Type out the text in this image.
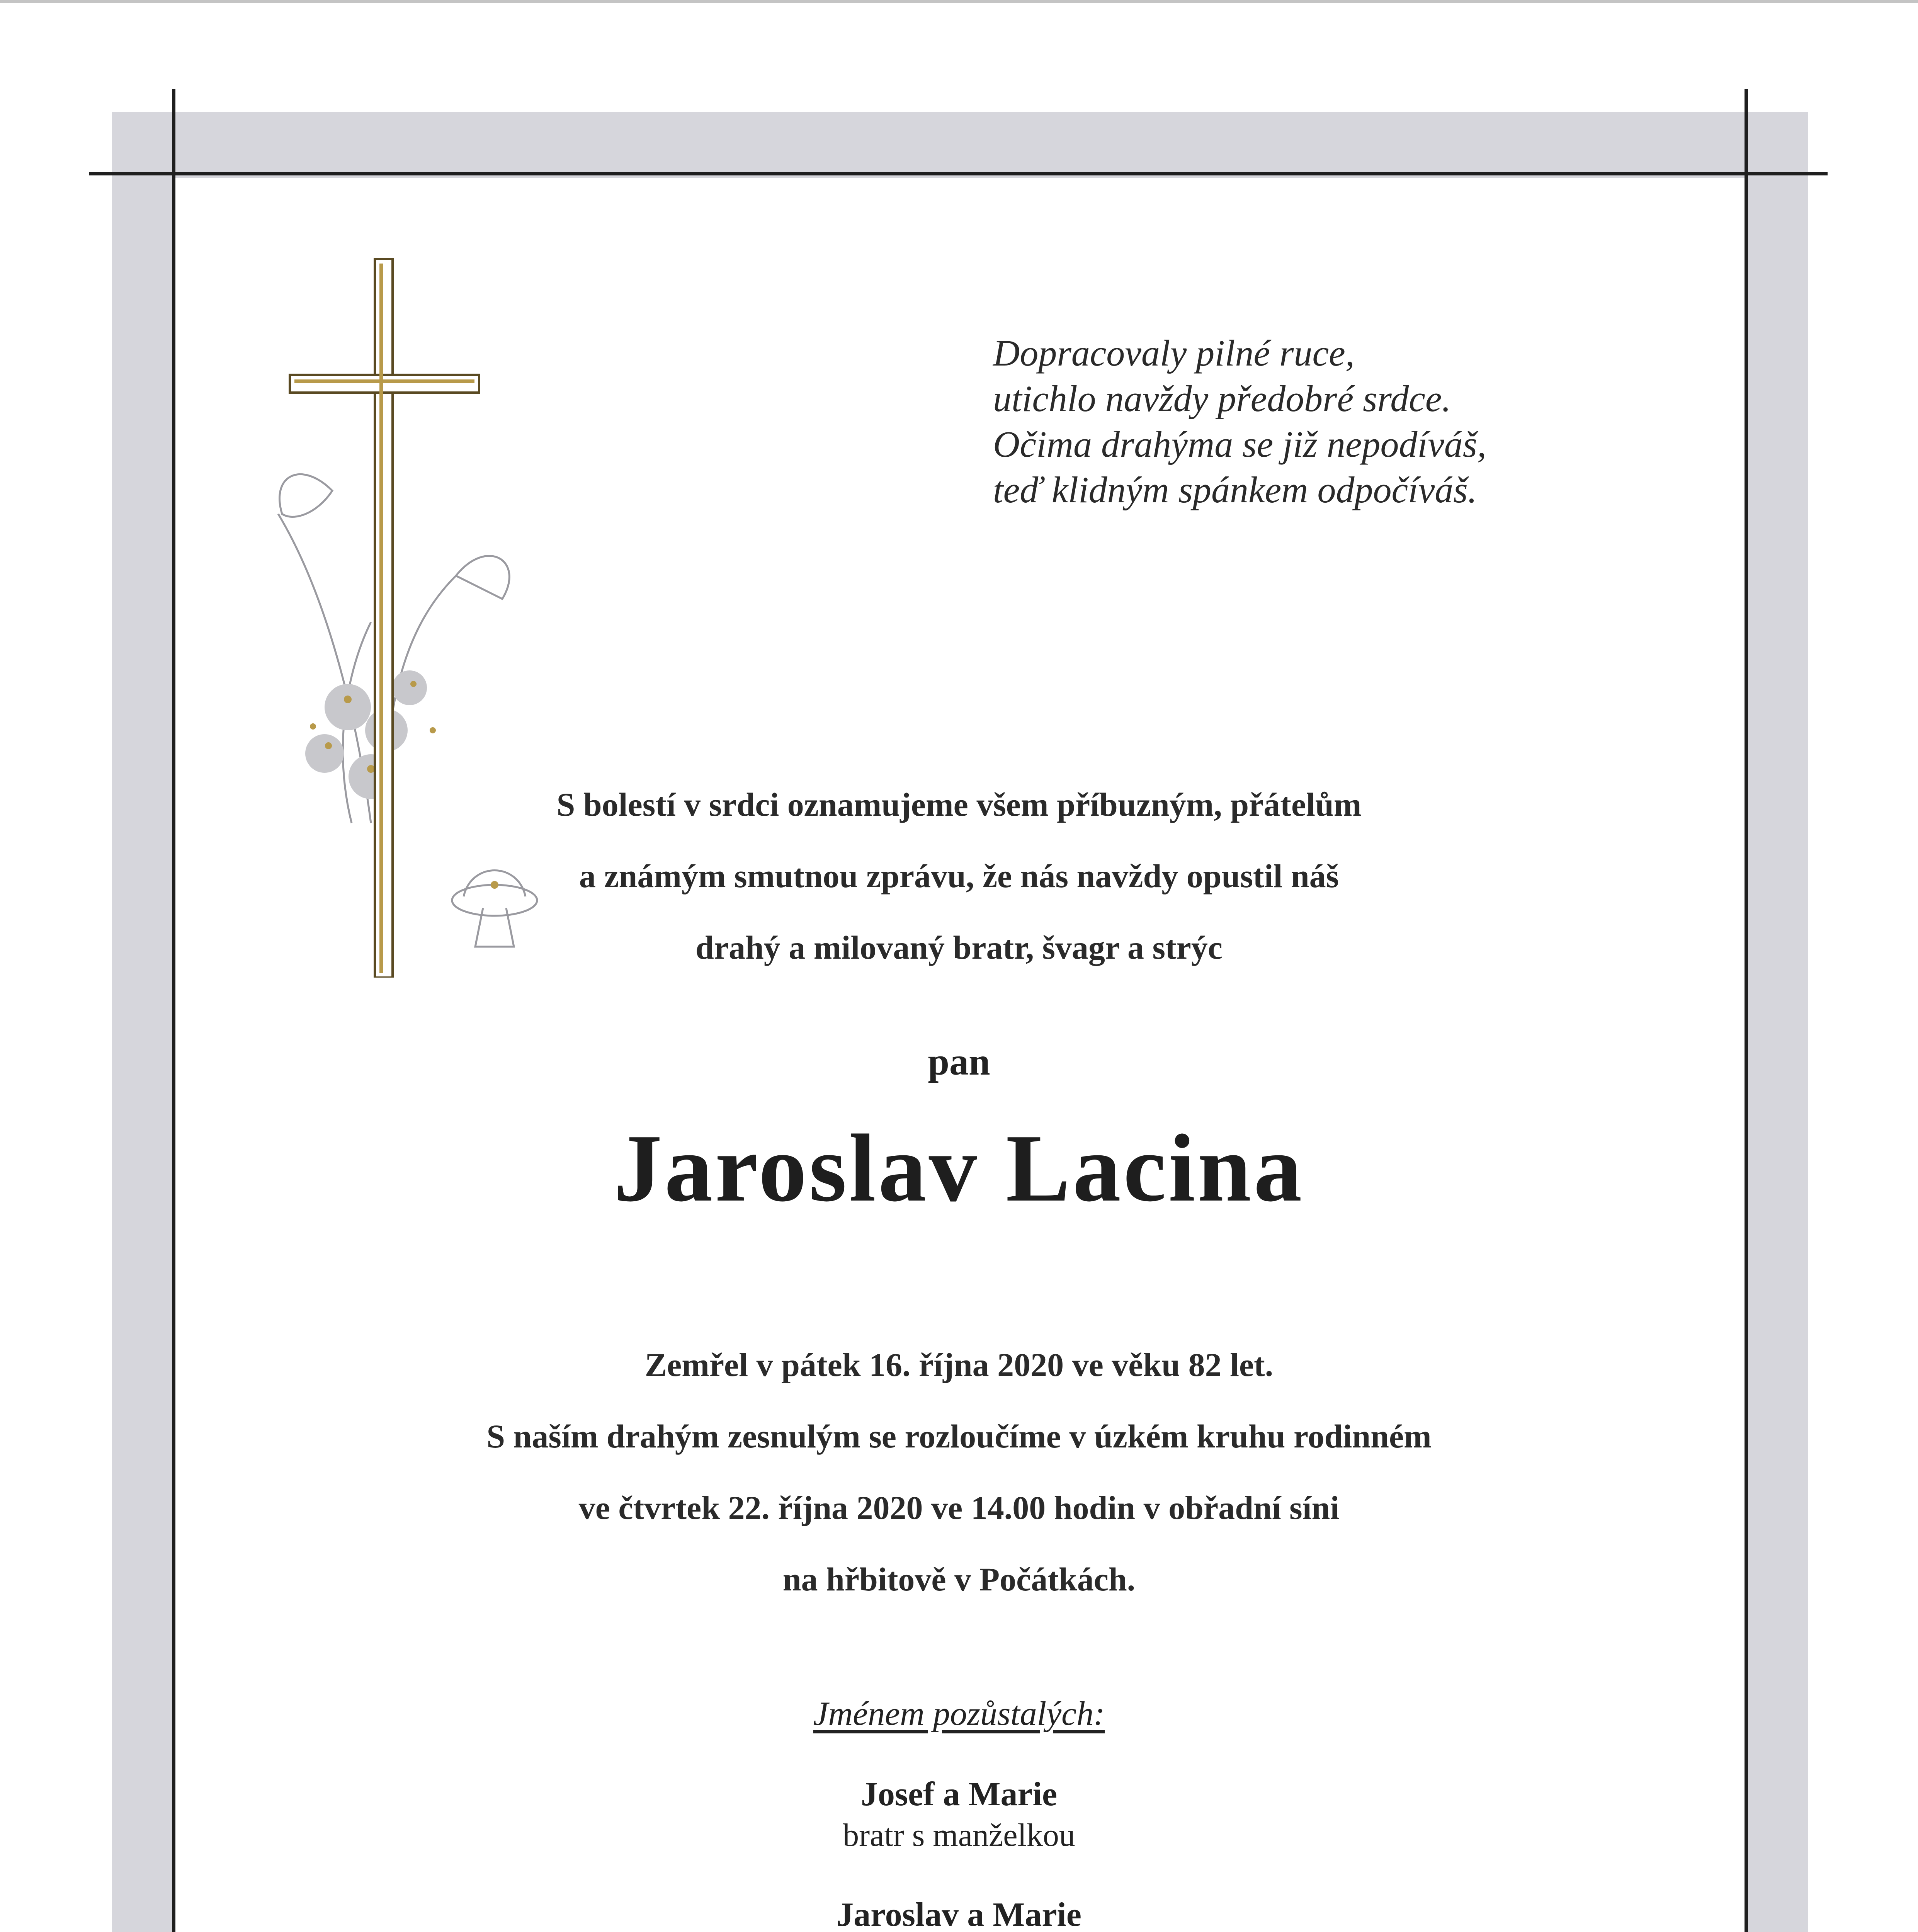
Dopracovaly pilné ruce,
utichlo navždy předobré srdce.
Očima drahýma se již nepodíváš,
teď klidným spánkem odpočíváš.
S bolestí v srdci oznamujeme všem příbuzným, přátelům
a známým smutnou zprávu, že nás navždy opustil náš
drahý a milovaný bratr, švagr a strýc
pan
Jaroslav Lacina
Zemřel v pátek 16. října 2020 ve věku 82 let.
S naším drahým zesnulým se rozloučíme v úzkém kruhu rodinném
ve čtvrtek 22. října 2020 ve 14.00 hodin v obřadní síni
na hřbitově v Počátkách.
Jménem pozůstalých:
Josef a Marie
bratr s manželkou
Jaroslav a Marie
